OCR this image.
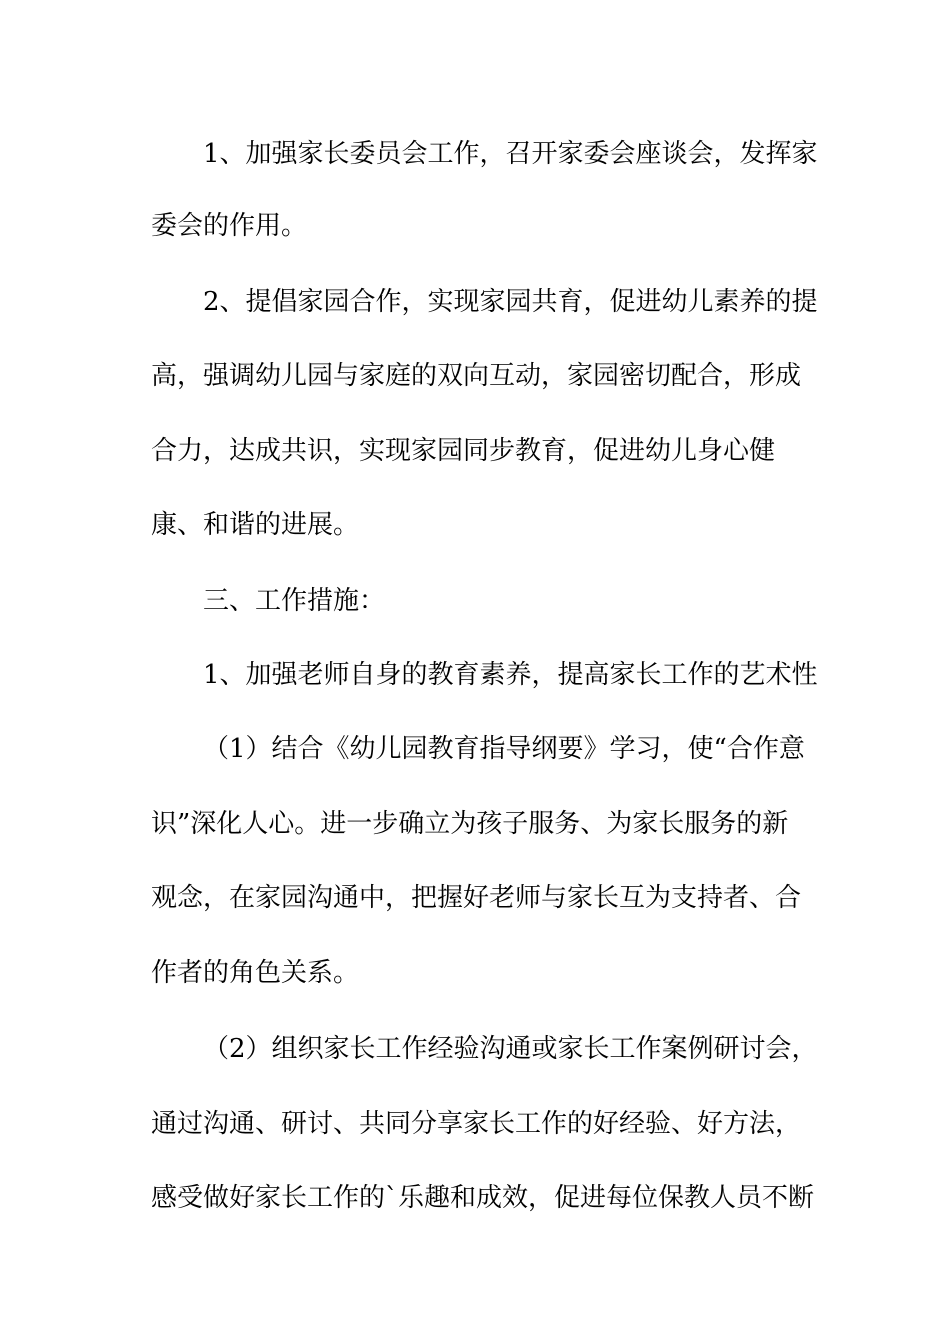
1、加强家长委员会工作，召开家委会座谈会，发挥家
委会的作用。
2、提倡家园合作，实现家园共育，促进幼儿素养的提
高，强调幼儿园与家庭的双向互动，家园密切配合，形成
合力，达成共识，实现家园同步教育，促进幼儿身心健
康、和谐的进展。
三、工作措施：
1、加强老师自身的教育素养，提高家长工作的艺术性
（1）结合《幼儿园教育指导纲要》学习，使“合作意
识”深化人心。进一步确立为孩子服务、为家长服务的新
观念，在家园沟通中，把握好老师与家长互为支持者、合
作者的角色关系。
（2）组织家长工作经验沟通或家长工作案例研讨会，
通过沟通、研讨、共同分享家长工作的好经验、好方法，
感受做好家长工作的`乐趣和成效，促进每位保教人员不断
